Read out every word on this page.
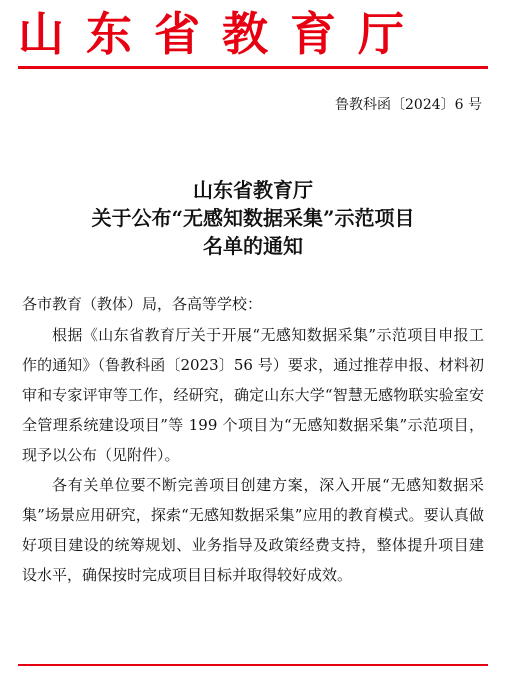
山东省教育厅
鲁教科函〔2024〕6 号
山东省教育厅
关于公布“无感知数据采集”示范项目
名单的通知
各市教育（教体）局，各高等学校：

根据《山东省教育厅关于开展“无感知数据采集”示范项目申报工作的通知》（鲁教科函〔2023〕56 号）要求，通过推荐申报、材料初审和专家评审等工作，经研究，确定山东大学“智慧无感物联实验室安全管理系统建设项目”等 199 个项目为“无感知数据采集”示范项目，现予以公布（见附件）。

各有关单位要不断完善项目创建方案，深入开展“无感知数据采集”场景应用研究，探索“无感知数据采集”应用的教育模式。要认真做好项目建设的统筹规划、业务指导及政策经费支持，整体提升项目建设水平，确保按时完成项目目标并取得较好成效。
